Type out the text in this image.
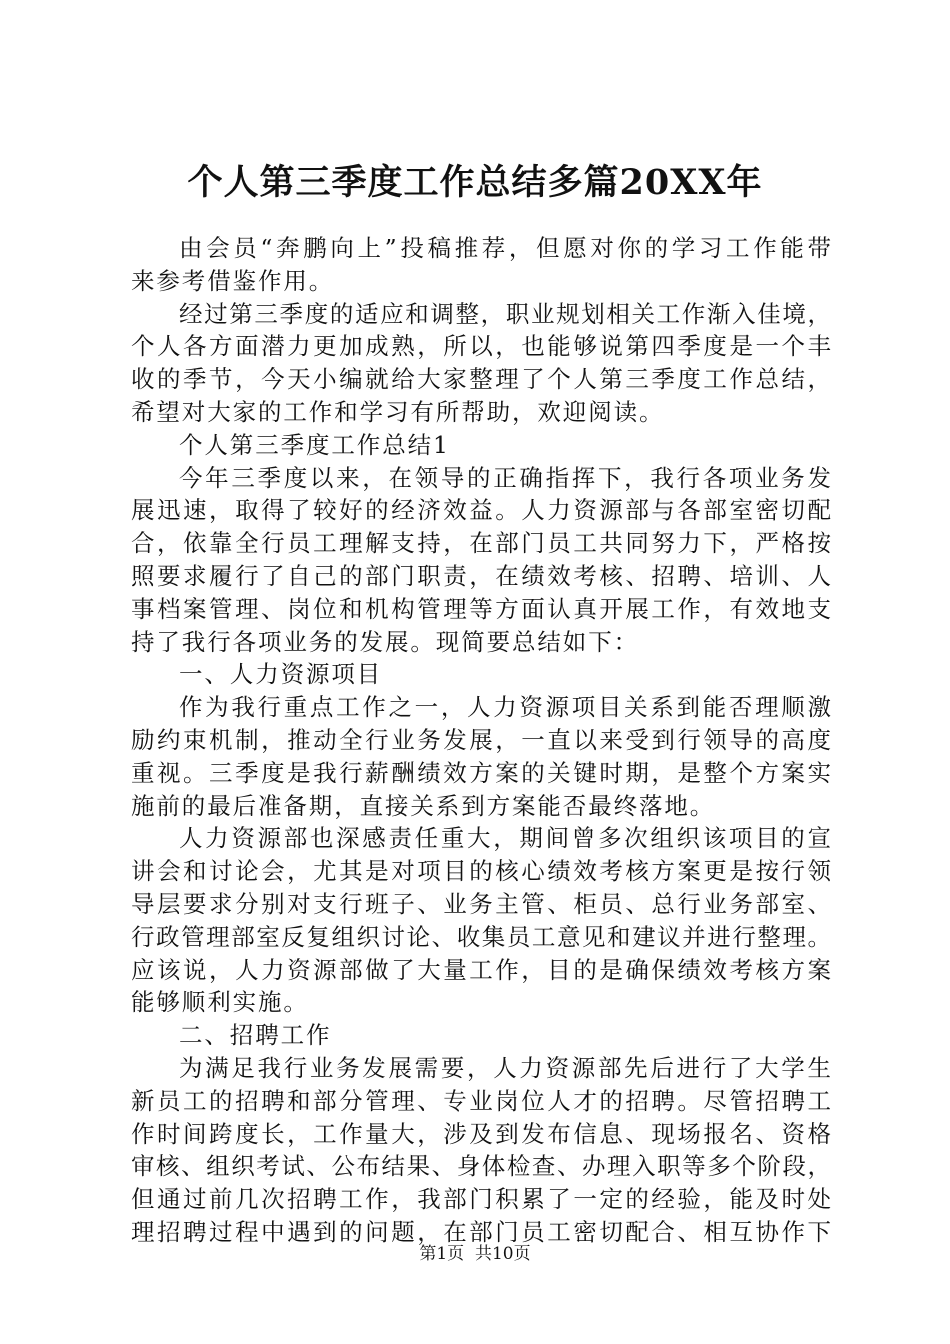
个人第三季度工作总结多篇20XX年
由会员“奔鹏向上”投稿推荐，但愿对你的学习工作能带
来参考借鉴作用。
经过第三季度的适应和调整，职业规划相关工作渐入佳境，
个人各方面潜力更加成熟，所以，也能够说第四季度是一个丰
收的季节，今天小编就给大家整理了个人第三季度工作总结，
希望对大家的工作和学习有所帮助，欢迎阅读。
个人第三季度工作总结1
今年三季度以来，在领导的正确指挥下，我行各项业务发
展迅速，取得了较好的经济效益。人力资源部与各部室密切配
合，依靠全行员工理解支持，在部门员工共同努力下，严格按
照要求履行了自己的部门职责，在绩效考核、招聘、培训、人
事档案管理、岗位和机构管理等方面认真开展工作，有效地支
持了我行各项业务的发展。现简要总结如下：
一、人力资源项目
作为我行重点工作之一，人力资源项目关系到能否理顺激
励约束机制，推动全行业务发展，一直以来受到行领导的高度
重视。三季度是我行薪酬绩效方案的关键时期，是整个方案实
施前的最后准备期，直接关系到方案能否最终落地。
人力资源部也深感责任重大，期间曾多次组织该项目的宣
讲会和讨论会，尤其是对项目的核心绩效考核方案更是按行领
导层要求分别对支行班子、业务主管、柜员、总行业务部室、
行政管理部室反复组织讨论、收集员工意见和建议并进行整理。
应该说，人力资源部做了大量工作，目的是确保绩效考核方案
能够顺利实施。
二、招聘工作
为满足我行业务发展需要，人力资源部先后进行了大学生
新员工的招聘和部分管理、专业岗位人才的招聘。尽管招聘工
作时间跨度长，工作量大，涉及到发布信息、现场报名、资格
审核、组织考试、公布结果、身体检查、办理入职等多个阶段，
但通过前几次招聘工作，我部门积累了一定的经验，能及时处
理招聘过程中遇到的问题，在部门员工密切配合、相互协作下
第1页  共10页
